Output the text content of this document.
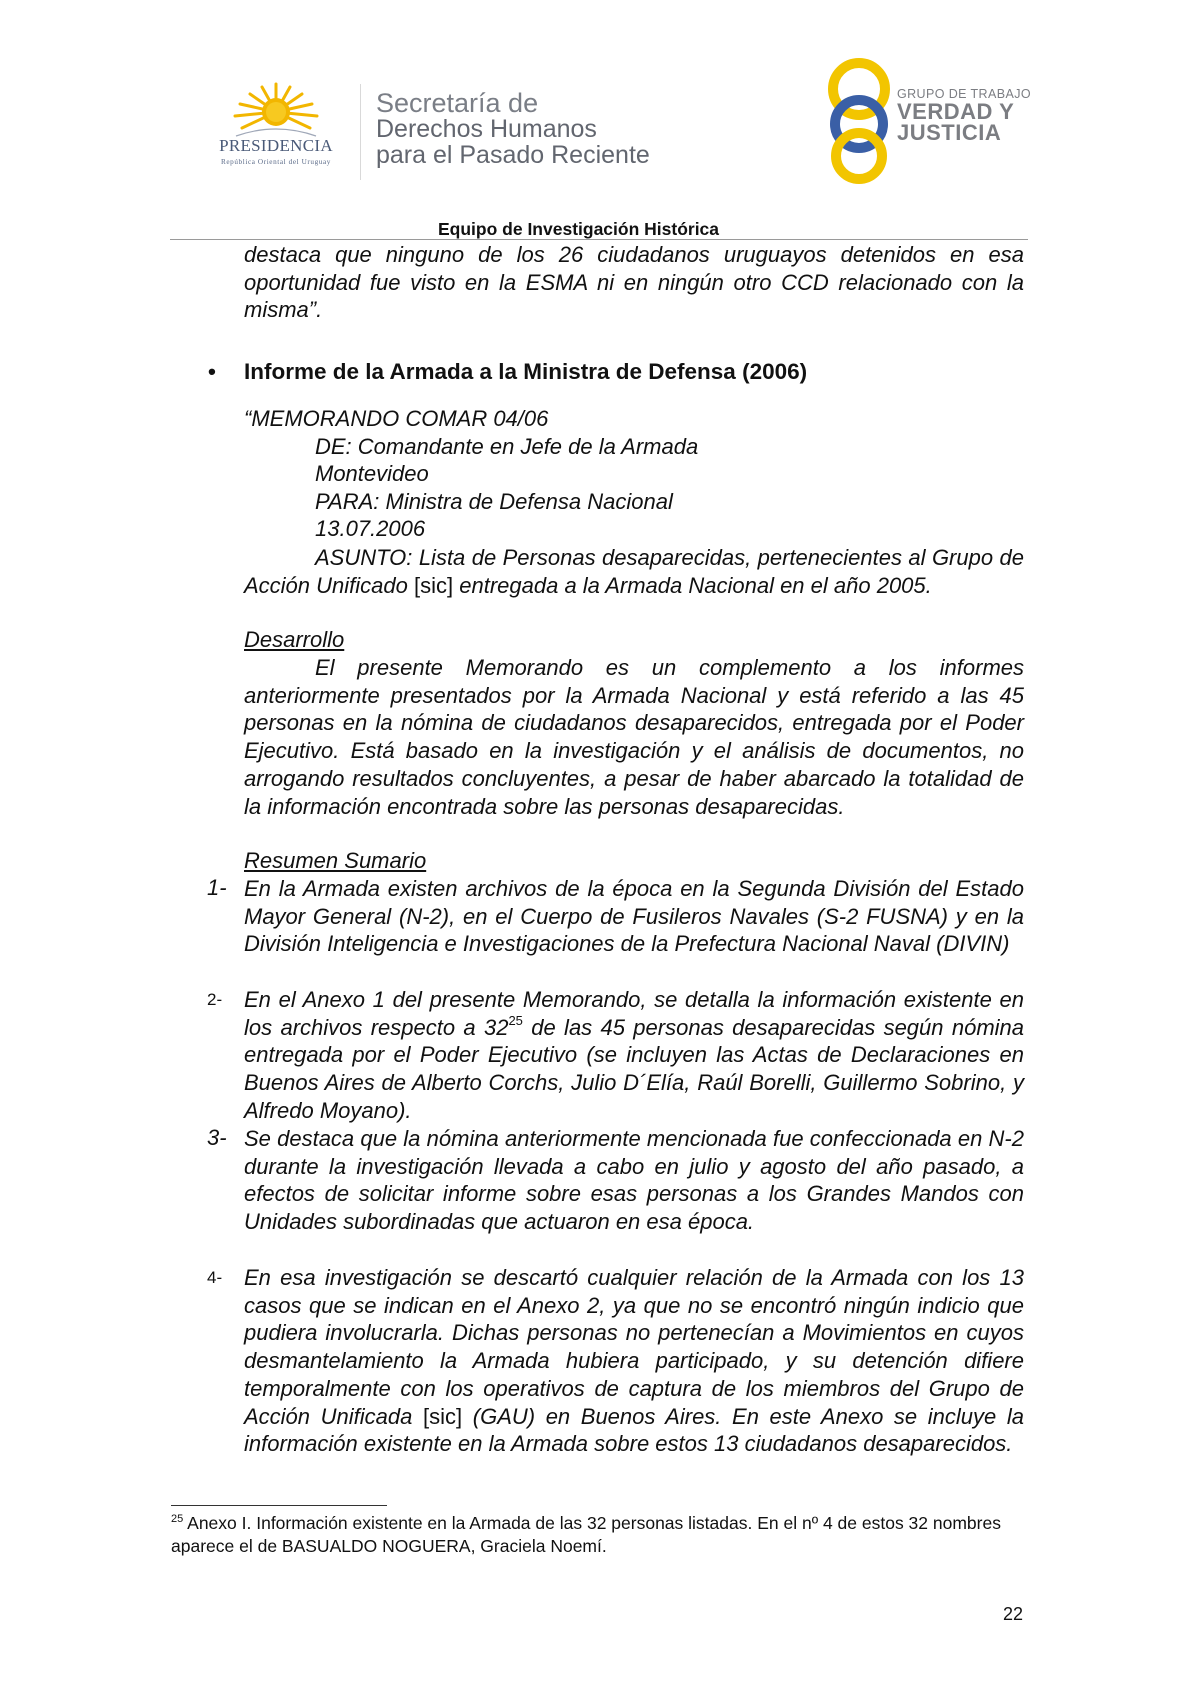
PRESIDENCIA
República Oriental del Uruguay
Secretaría de
Derechos Humanos
para el Pasado Reciente
GRUPO DE TRABAJO
VERDAD Y
JUSTICIA
Equipo de Investigación Histórica

destaca que ninguno de los 26 ciudadanos uruguayos detenidos en esa oportunidad fue visto en la ESMA ni en ningún otro CCD relacionado con la misma”.

• Informe de la Armada a la Ministra de Defensa (2006)
“MEMORANDO COMAR 04/06
DE: Comandante en Jefe de la Armada
Montevideo
PARA: Ministra de Defensa Nacional
13.07.2006

ASUNTO: Lista de Personas desaparecidas, pertenecientes al Grupo de Acción Unificado [sic] entregada a la Armada Nacional en el año 2005.

Desarrollo

El presente Memorando es un complemento a los informes anteriormente presentados por la Armada Nacional y está referido a las 45 personas en la nómina de ciudadanos desaparecidos, entregada por el Poder Ejecutivo. Está basado en la investigación y el análisis de documentos, no arrogando resultados concluyentes, a pesar de haber abarcado la totalidad de la información encontrada sobre las personas desaparecidas.

Resumen Sumario
1- En la Armada existen archivos de la época en la Segunda División del Estado Mayor General (N-2), en el Cuerpo de Fusileros Navales (S-2 FUSNA) y en la División Inteligencia e Investigaciones de la Prefectura Nacional Naval (DIVIN)

2- En el Anexo 1 del presente Memorando, se detalla la información existente en los archivos respecto a 32$^{25}$ de las 45 personas desaparecidas según nómina entregada por el Poder Ejecutivo (se incluyen las Actas de Declaraciones en Buenos Aires de Alberto Corchs, Julio D´Elía, Raúl Borelli, Guillermo Sobrino, y Alfredo Moyano).

3- Se destaca que la nómina anteriormente mencionada fue confeccionada en N-2 durante la investigación llevada a cabo en julio y agosto del año pasado, a efectos de solicitar informe sobre esas personas a los Grandes Mandos con Unidades subordinadas que actuaron en esa época.

4- En esa investigación se descartó cualquier relación de la Armada con los 13 casos que se indican en el Anexo 2, ya que no se encontró ningún indicio que pudiera involucrarla. Dichas personas no pertenecían a Movimientos en cuyos desmantelamiento la Armada hubiera participado, y su detención difiere temporalmente con los operativos de captura de los miembros del Grupo de Acción Unificada [sic] (GAU) en Buenos Aires. En este Anexo se incluye la información existente en la Armada sobre estos 13 ciudadanos desaparecidos.

$^{25}$ Anexo I. Información existente en la Armada de las 32 personas listadas. En el nº 4 de estos 32 nombres aparece el de BASUALDO NOGUERA, Graciela Noemí.
22
